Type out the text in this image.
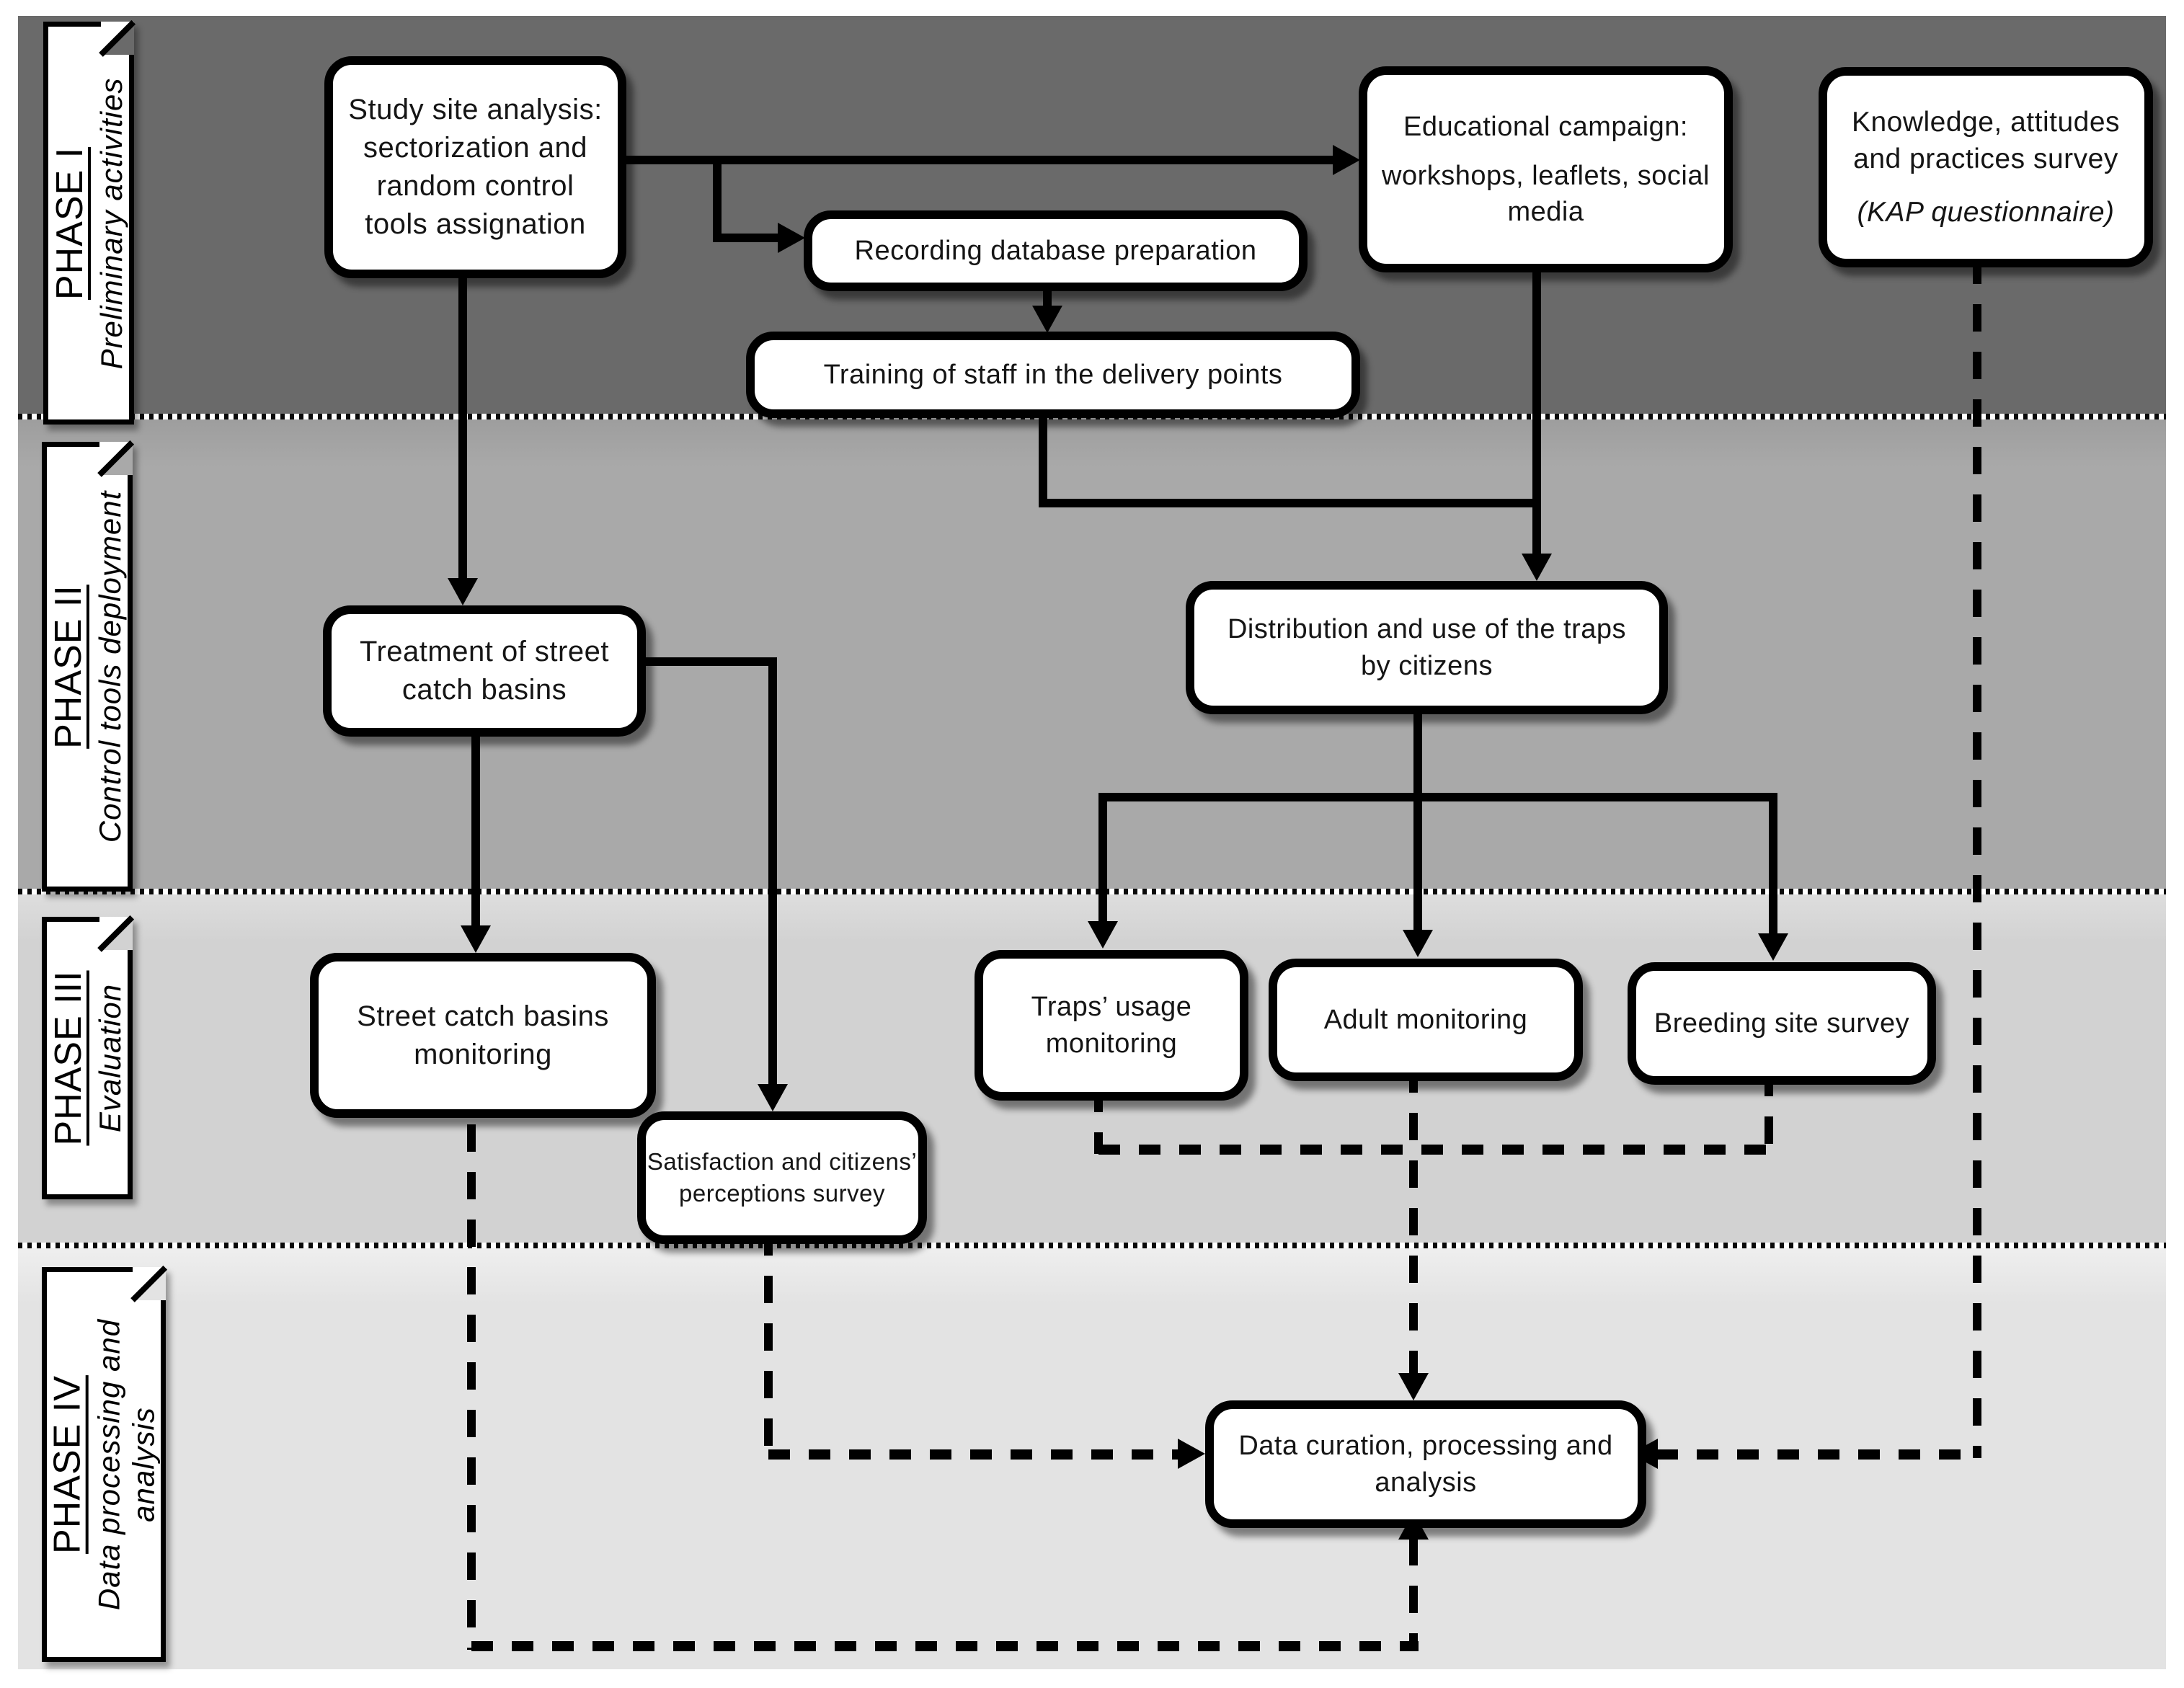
PHASE I Preliminary activities
PHASE II Control tools deployment
PHASE III Evaluation
PHASE IV Data processing and analysis
Study site analysis:
sectorization and
random control
tools assignation
Recording database preparation
Training of staff in the delivery points
Educational campaign:
workshops, leaflets, social
media
Knowledge, attitudes
and practices survey
(KAP questionnaire)
Treatment of street
catch basins
Distribution and use of the traps
by citizens
Street catch basins
monitoring
Satisfaction and citizens’
perceptions survey
Traps’ usage
monitoring
Adult monitoring	Breeding site survey
Data curation, processing and
analysis
